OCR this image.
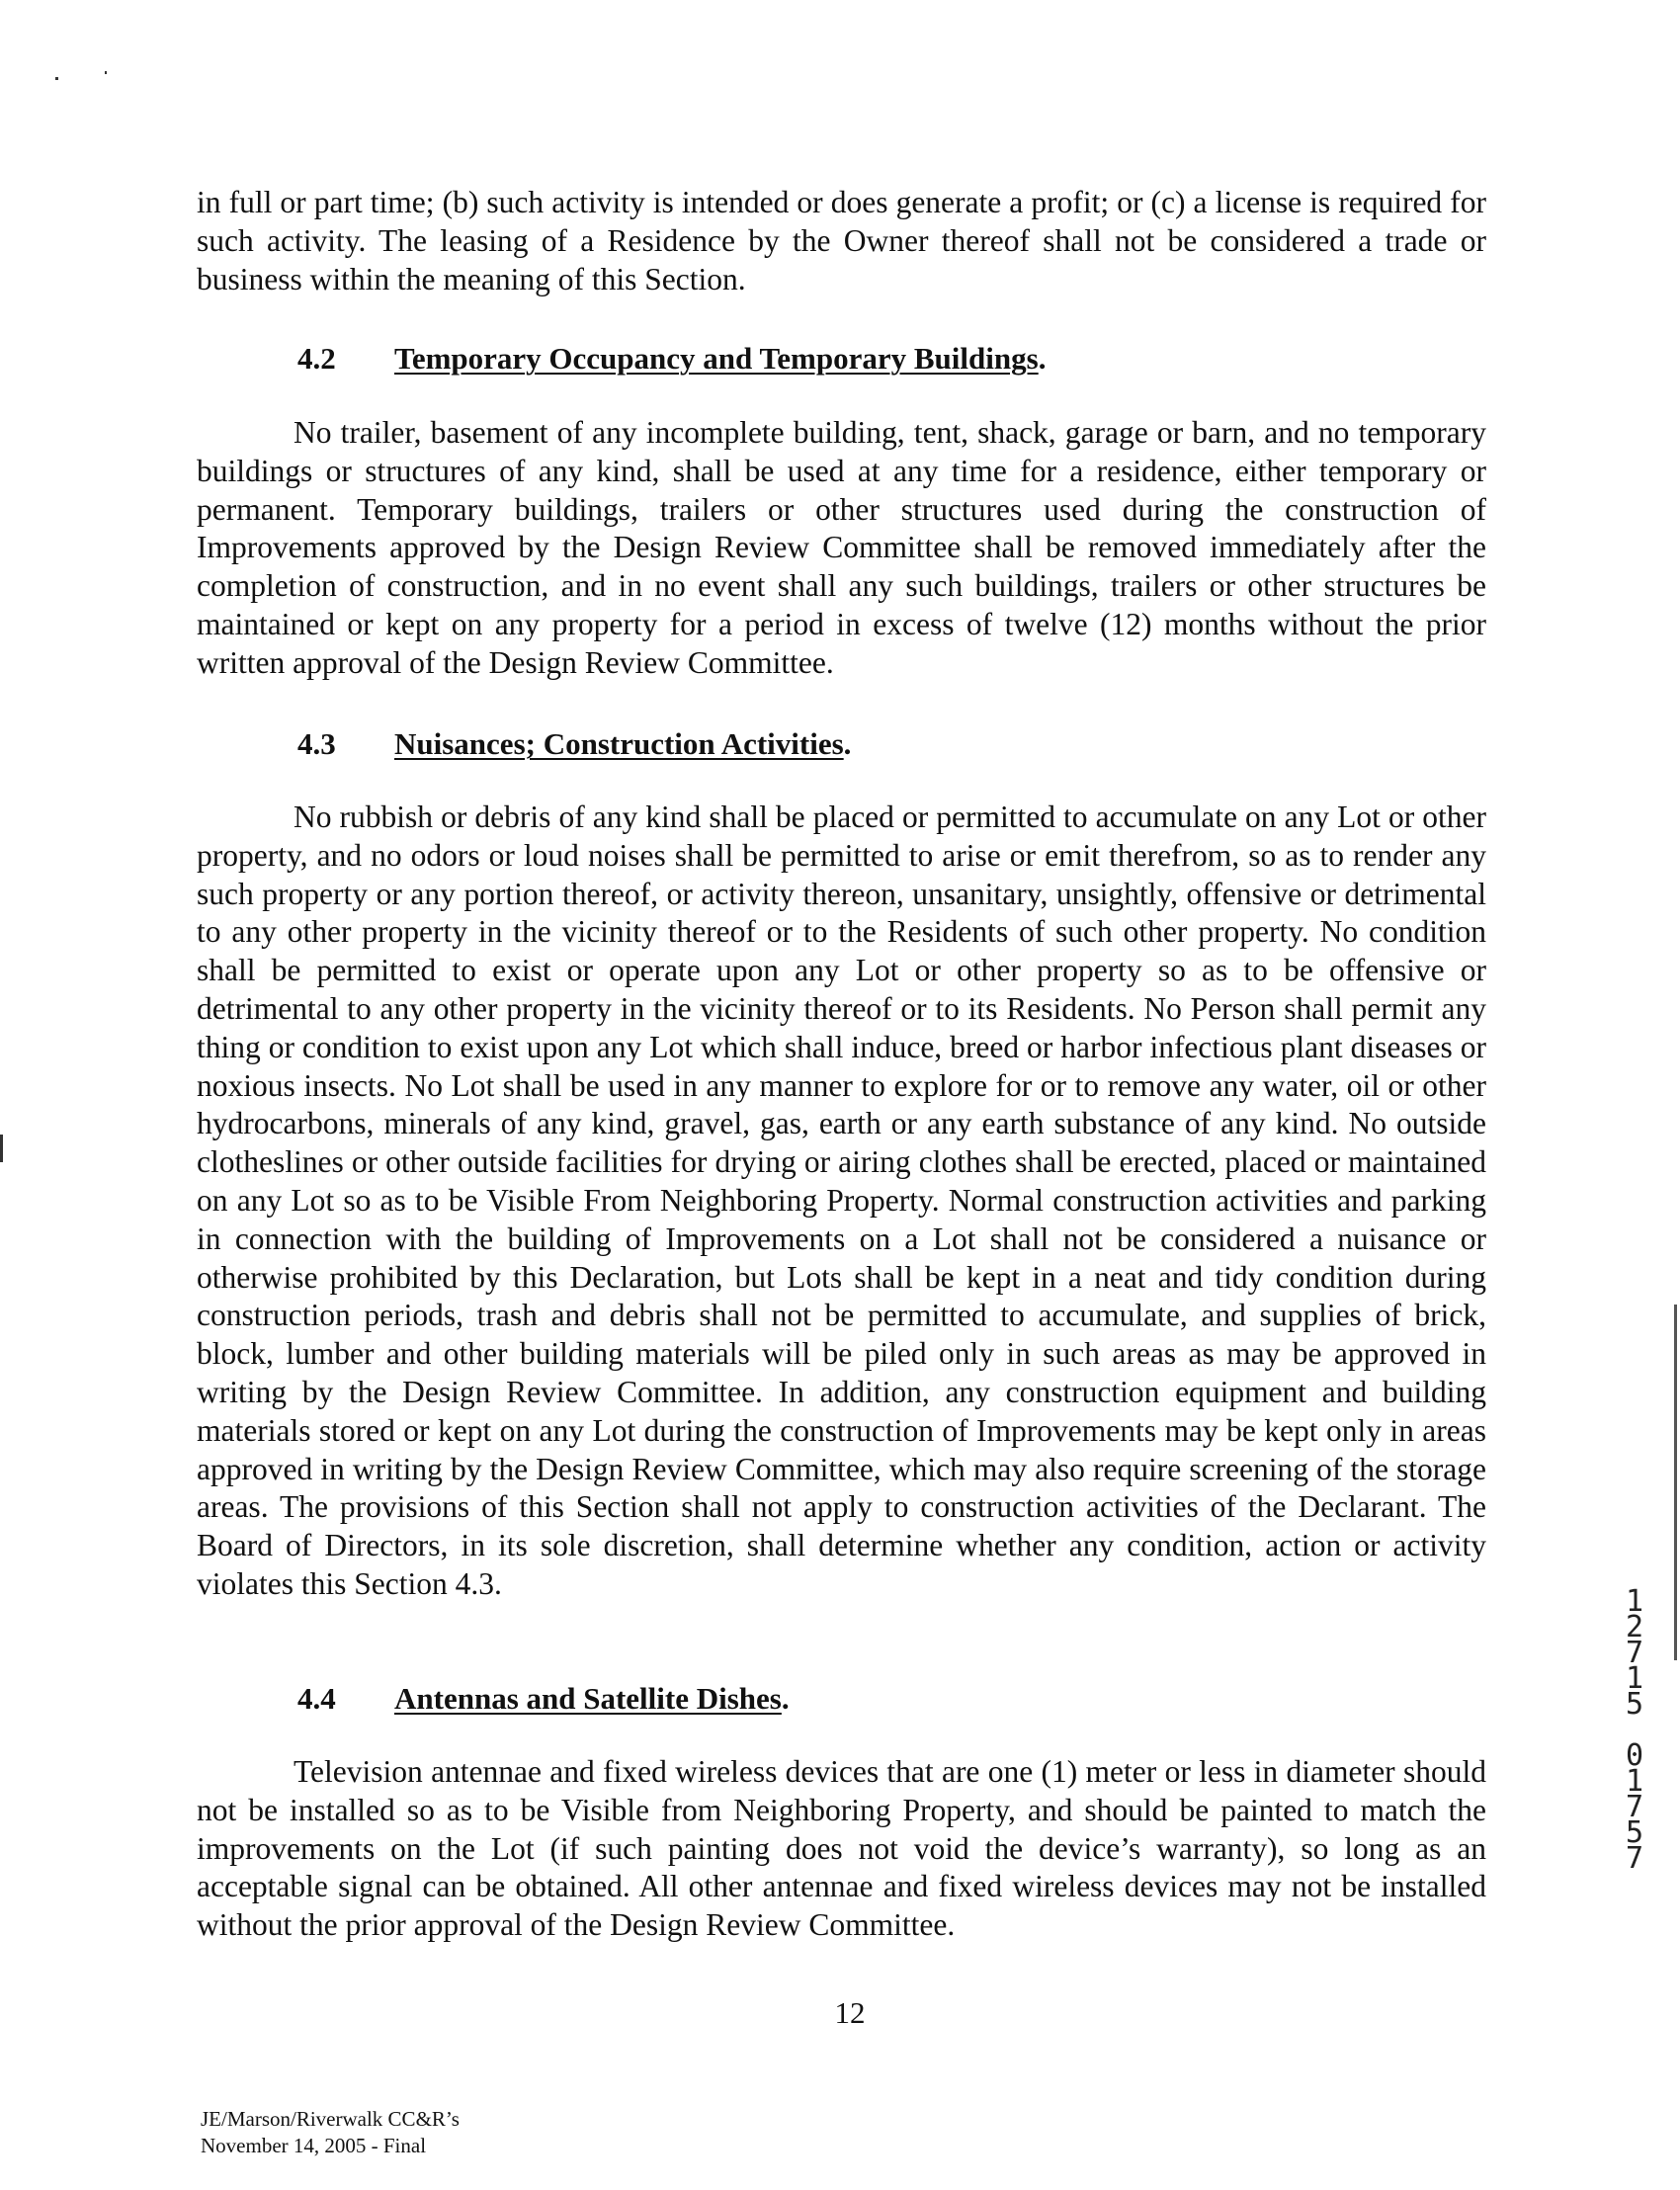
in full or part time; (b) such activity is intended or does generate a profit; or (c) a license is required for such activity. The leasing of a Residence by the Owner thereof shall not be considered a trade or business within the meaning of this Section.

4.2 Temporary Occupancy and Temporary Buildings.

No trailer, basement of any incomplete building, tent, shack, garage or barn, and no temporary buildings or structures of any kind, shall be used at any time for a residence, either temporary or permanent. Temporary buildings, trailers or other structures used during the construction of Improvements approved by the Design Review Committee shall be removed immediately after the completion of construction, and in no event shall any such buildings, trailers or other structures be maintained or kept on any property for a period in excess of twelve (12) months without the prior written approval of the Design Review Committee.

4.3 Nuisances; Construction Activities.

No rubbish or debris of any kind shall be placed or permitted to accumulate on any Lot or other property, and no odors or loud noises shall be permitted to arise or emit therefrom, so as to render any such property or any portion thereof, or activity thereon, unsanitary, unsightly, offensive or detrimental to any other property in the vicinity thereof or to the Residents of such other property. No condition shall be permitted to exist or operate upon any Lot or other property so as to be offensive or detrimental to any other property in the vicinity thereof or to its Residents. No Person shall permit any thing or condition to exist upon any Lot which shall induce, breed or harbor infectious plant diseases or noxious insects. No Lot shall be used in any manner to explore for or to remove any water, oil or other hydrocarbons, minerals of any kind, gravel, gas, earth or any earth substance of any kind. No outside clotheslines or other outside facilities for drying or airing clothes shall be erected, placed or maintained on any Lot so as to be Visible From Neighboring Property. Normal construction activities and parking in connection with the building of Improvements on a Lot shall not be considered a nuisance or otherwise prohibited by this Declaration, but Lots shall be kept in a neat and tidy condition during construction periods, trash and debris shall not be permitted to accumulate, and supplies of brick, block, lumber and other building materials will be piled only in such areas as may be approved in writing by the Design Review Committee. In addition, any construction equipment and building materials stored or kept on any Lot during the construction of Improvements may be kept only in areas approved in writing by the Design Review Committee, which may also require screening of the storage areas. The provisions of this Section shall not apply to construction activities of the Declarant. The Board of Directors, in its sole discretion, shall determine whether any condition, action or activity violates this Section 4.3.

4.4 Antennas and Satellite Dishes.

Television antennae and fixed wireless devices that are one (1) meter or less in diameter should not be installed so as to be Visible from Neighboring Property, and should be painted to match the improvements on the Lot (if such painting does not void the device’s warranty), so long as an acceptable signal can be obtained. All other antennae and fixed wireless devices may not be installed without the prior approval of the Design Review Committee.

12
JE/Marson/Riverwalk CC&R’s
November 14, 2005 - Final
1
2
7
1
5

0
1
7
5
7
